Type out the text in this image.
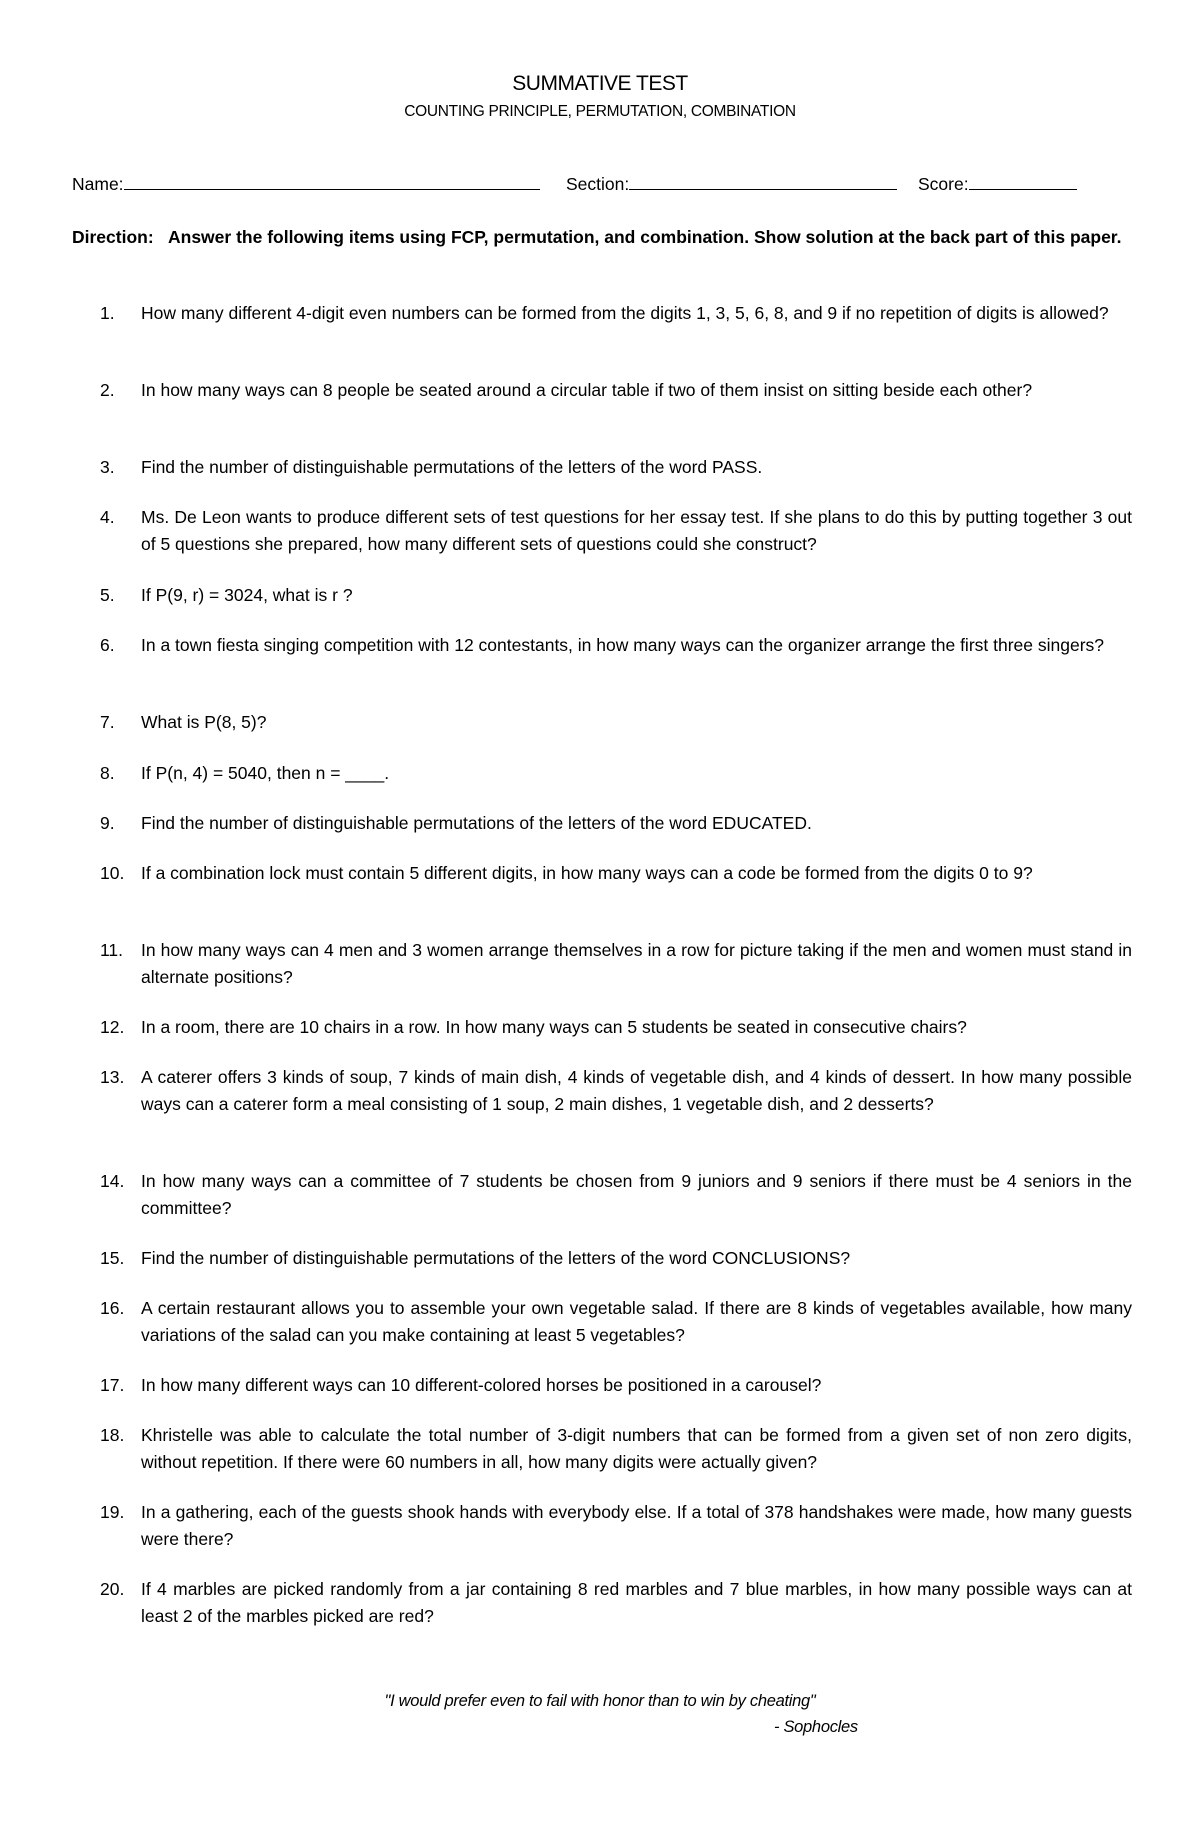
SUMMATIVE TEST
COUNTING PRINCIPLE, PERMUTATION, COMBINATION
Name:	Section:	Score:
Direction: Answer the following items using FCP, permutation, and combination. Show solution at the back part of this paper.
1.	How many different 4-digit even numbers can be formed from the digits 1, 3, 5, 6, 8, and 9 if no repetition of digits is allowed?
2.	In how many ways can 8 people be seated around a circular table if two of them insist on sitting beside each other?
3.	Find the number of distinguishable permutations of the letters of the word PASS.
4.	Ms. De Leon wants to produce different sets of test questions for her essay test. If she plans to do this by putting together 3 out of 5 questions she prepared, how many different sets of questions could she construct?
5.	If P(9, r) = 3024, what is r ?
6.	In a town fiesta singing competition with 12 contestants, in how many ways can the organizer arrange the first three singers?
7.	What is P(8, 5)?
8.	If P(n, 4) = 5040, then n = ____.
9.	Find the number of distinguishable permutations of the letters of the word EDUCATED.
10. If a combination lock must contain 5 different digits, in how many ways can a code be formed from the digits 0 to 9?
11.	In how many ways can 4 men and 3 women arrange themselves in a row for picture taking if the men and women must stand in alternate positions?
12. In a room, there are 10 chairs in a row. In how many ways can 5 students be seated in consecutive chairs?
13. A caterer offers 3 kinds of soup, 7 kinds of main dish, 4 kinds of vegetable dish, and 4 kinds of dessert. In how many possible ways can a caterer form a meal consisting of 1 soup, 2 main dishes, 1 vegetable dish, and 2 desserts?
14. In how many ways can a committee of 7 students be chosen from 9 juniors and 9 seniors if there must be 4 seniors in the committee?
15. Find the number of distinguishable permutations of the letters of the word CONCLUSIONS?
16. A certain restaurant allows you to assemble your own vegetable salad. If there are 8 kinds of vegetables available, how many variations of the salad can you make containing at least 5 vegetables?
17. In how many different ways can 10 different-colored horses be positioned in a carousel?
18. Khristelle was able to calculate the total number of 3-digit numbers that can be formed from a given set of non zero digits, without repetition. If there were 60 numbers in all, how many digits were actually given?
19. In a gathering, each of the guests shook hands with everybody else. If a total of 378 handshakes were made, how many guests were there?
20. If 4 marbles are picked randomly from a jar containing 8 red marbles and 7 blue marbles, in how many possible ways can at least 2 of the marbles picked are red?
"I would prefer even to fail with honor than to win by cheating"
- Sophocles
